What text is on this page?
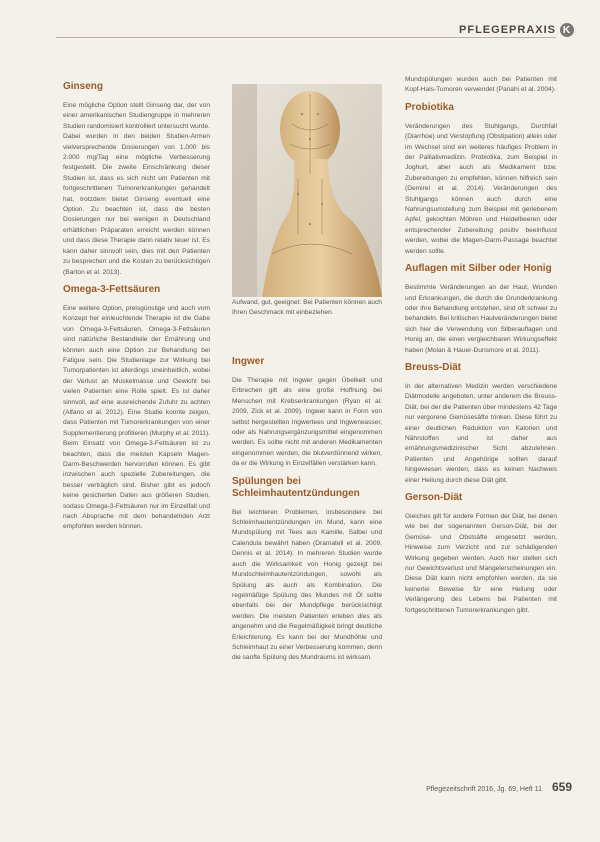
PFLEGEPRAXIS K
Ginseng

Eine mögliche Option stellt Ginseng dar, der von einer amerikanischen Studiengruppe in mehreren Studien randomisiert kontrolliert untersucht wurde. Dabei wurden in den beiden Studien-Armen vielversprechende Dosierungen von 1.000 bis 2.000 mg/Tag eine mögliche Verbesserung festgestellt. Die zweite Einschränkung dieser Studien ist, dass es sich nicht um Patienten mit fortgeschrittenen Tumorerkrankungen gehandelt hat, trotzdem bietet Ginseng eventuell eine Option. Zu beachten ist, dass die besten Dosierungen nur bei wenigen in Deutschland erhältlichen Präparaten erreicht werden können und dass diese Therapie dann relativ teuer ist. Es kann daher sinnvoll sein, dies mit den Patienten zu besprechen und die Kosten zu berücksichtigen (Barton et al. 2013).

Omega-3-Fettsäuren

Eine weitere Option, preisgünstige und auch vom Konzept her einleuchtende Therapie ist die Gabe von Omega-3-Fettsäuren. Omega-3-Fettsäuren sind natürliche Bestandteile der Ernährung und können auch eine Option zur Behandlung bei Fatigue sein. Die Studienlage zur Wirkung bei Tumorpatienten ist allerdings uneinheitlich, wobei der Verlust an Muskelmasse und Gewicht bei vielen Patienten eine Rolle spielt. Es ist daher sinnvoll, auf eine ausreichende Zufuhr zu achten (Alfano et al. 2012). Eine Studie konnte zeigen, dass Patienten mit Tumorerkrankungen von einer Supplementierung profitieren (Murphy et al. 2011). Beim Einsatz von Omega-3-Fettsäuren ist zu beachten, dass die meisten Kapseln Magen-Darm-Beschwerden hervorrufen können. Es gibt inzwischen auch spezielle Zubereitungen, die besser verträglich sind. Bisher gibt es jedoch keine gesicherten Daten aus größeren Studien, sodass Omega-3-Fettsäuren nur im Einzelfall und nach Absprache mit dem behandelnden Arzt empfohlen werden können.

Aufwand, gut, geeignet: Bei Patienten können auch Ihren Geschmack mit einbeziehen.
Ingwer

Die Therapie mit Ingwer gegen Übelkeit und Erbrechen gilt als eine große Hoffnung bei Menschen mit Krebserkrankungen (Ryan et al. 2009, Zick et al. 2009). Ingwer kann in Form von selbst hergestellten Ingwertees und Ingwerwasser, oder als Nahrungsergänzungsmittel eingenommen werden. Es sollte nicht mit anderen Medikamenten eingenommen werden, die blutverdünnend wirken, da er die Wirkung in Einzelfällen verstärken kann.

Spülungen bei Schleimhautentzündungen

Bei leichteren Problemen, insbesondere bei Schleimhautentzündungen im Mund, kann eine Mundspülung mit Tees aus Kamille, Salbei und Calendula bewährt haben (Dramatell et al. 2009, Dennis et al. 2014). In mehreren Studien wurde auch die Wirksamkeit von Honig gezeigt bei Mundschleimhautentzündungen, sowohl als Spülung als auch als Kombination. Die regelmäßige Spülung des Mundes mit Öl sollte ebenfalls bei der Mundpflege berücksichtigt werden. Die meisten Patienten erleben dies als angenehm und die Regelmäßigkeit bringt deutliche Erleichterung. Es kann bei der Mundhöhle und Schleimhaut zu einer Verbesserung kommen, denn die sanfte Spülung des Mundraums ist wirksam.

Mundspülungen wurden auch bei Patienten mit Kopf-Hals-Tumoren verwendet (Panahi et al. 2004).

Probiotika

Veränderungen des Stuhlgangs, Durchfall (Diarrhoe) und Verstopfung (Obstipation) allein oder im Wechsel sind ein weiteres häufiges Problem in der Palliativmedizin. Probiotika, zum Beispiel in Joghurt, aber auch als Medikament bzw. Zubereitungen zu empfehlen, können hilfreich sein (Demirel et al. 2014). Veränderungen des Stuhlgangs können auch durch eine Nahrungsumstellung zum Beispiel mit geriebenem Apfel, gekochten Möhren und Heidelbeeren oder entsprechender Zubereitung positiv beeinflusst werden, wobei die Magen-Darm-Passage beachtet werden sollte.

Auflagen mit Silber oder Honig

Bestimmte Veränderungen an der Haut, Wunden und Erkrankungen, die durch die Grunderkrankung oder ihre Behandlung entstehen, sind oft schwer zu behandeln. Bei kritischen Hautveränderungen bietet sich hier die Verwendung von Silberauflagen und Honig an, die einen vergleichbaren Wirkungseffekt haben (Molan & Hauer-Dunsmore et al. 2011).

Breuss-Diät

In der alternativen Medizin werden verschiedene Diätmodelle angeboten, unter anderem die Breuss-Diät, bei der die Patienten über mindestens 42 Tage nur vergorene Gemüsesäfte trinken. Diese führt zu einer deutlichen Reduktion von Kalorien und Nährstoffen und ist daher aus ernährungsmedizinischer Sicht abzulehnen. Patienten und Angehörige sollten darauf hingewiesen werden, dass es keinen Nachweis einer Heilung durch diese Diät gibt.

Gerson-Diät

Gleiches gilt für andere Formen der Diät, bei denen wie bei der sogenannten Gerson-Diät, bei der Gemüse- und Obstsäfte eingesetzt werden, Hinweise zum Verzicht und zur schädigenden Wirkung gegeben werden. Auch hier stellen sich nur Gewichtsverlust und Mangelerscheinungen ein. Diese Diät kann nicht empfohlen werden, da sie keinerlei Beweise für eine Heilung oder Verlängerung des Lebens bei Patienten mit fortgeschrittenen Tumorerkrankungen gibt.

Pflegezeitschrift 2016, Jg. 69, Heft 11 659
